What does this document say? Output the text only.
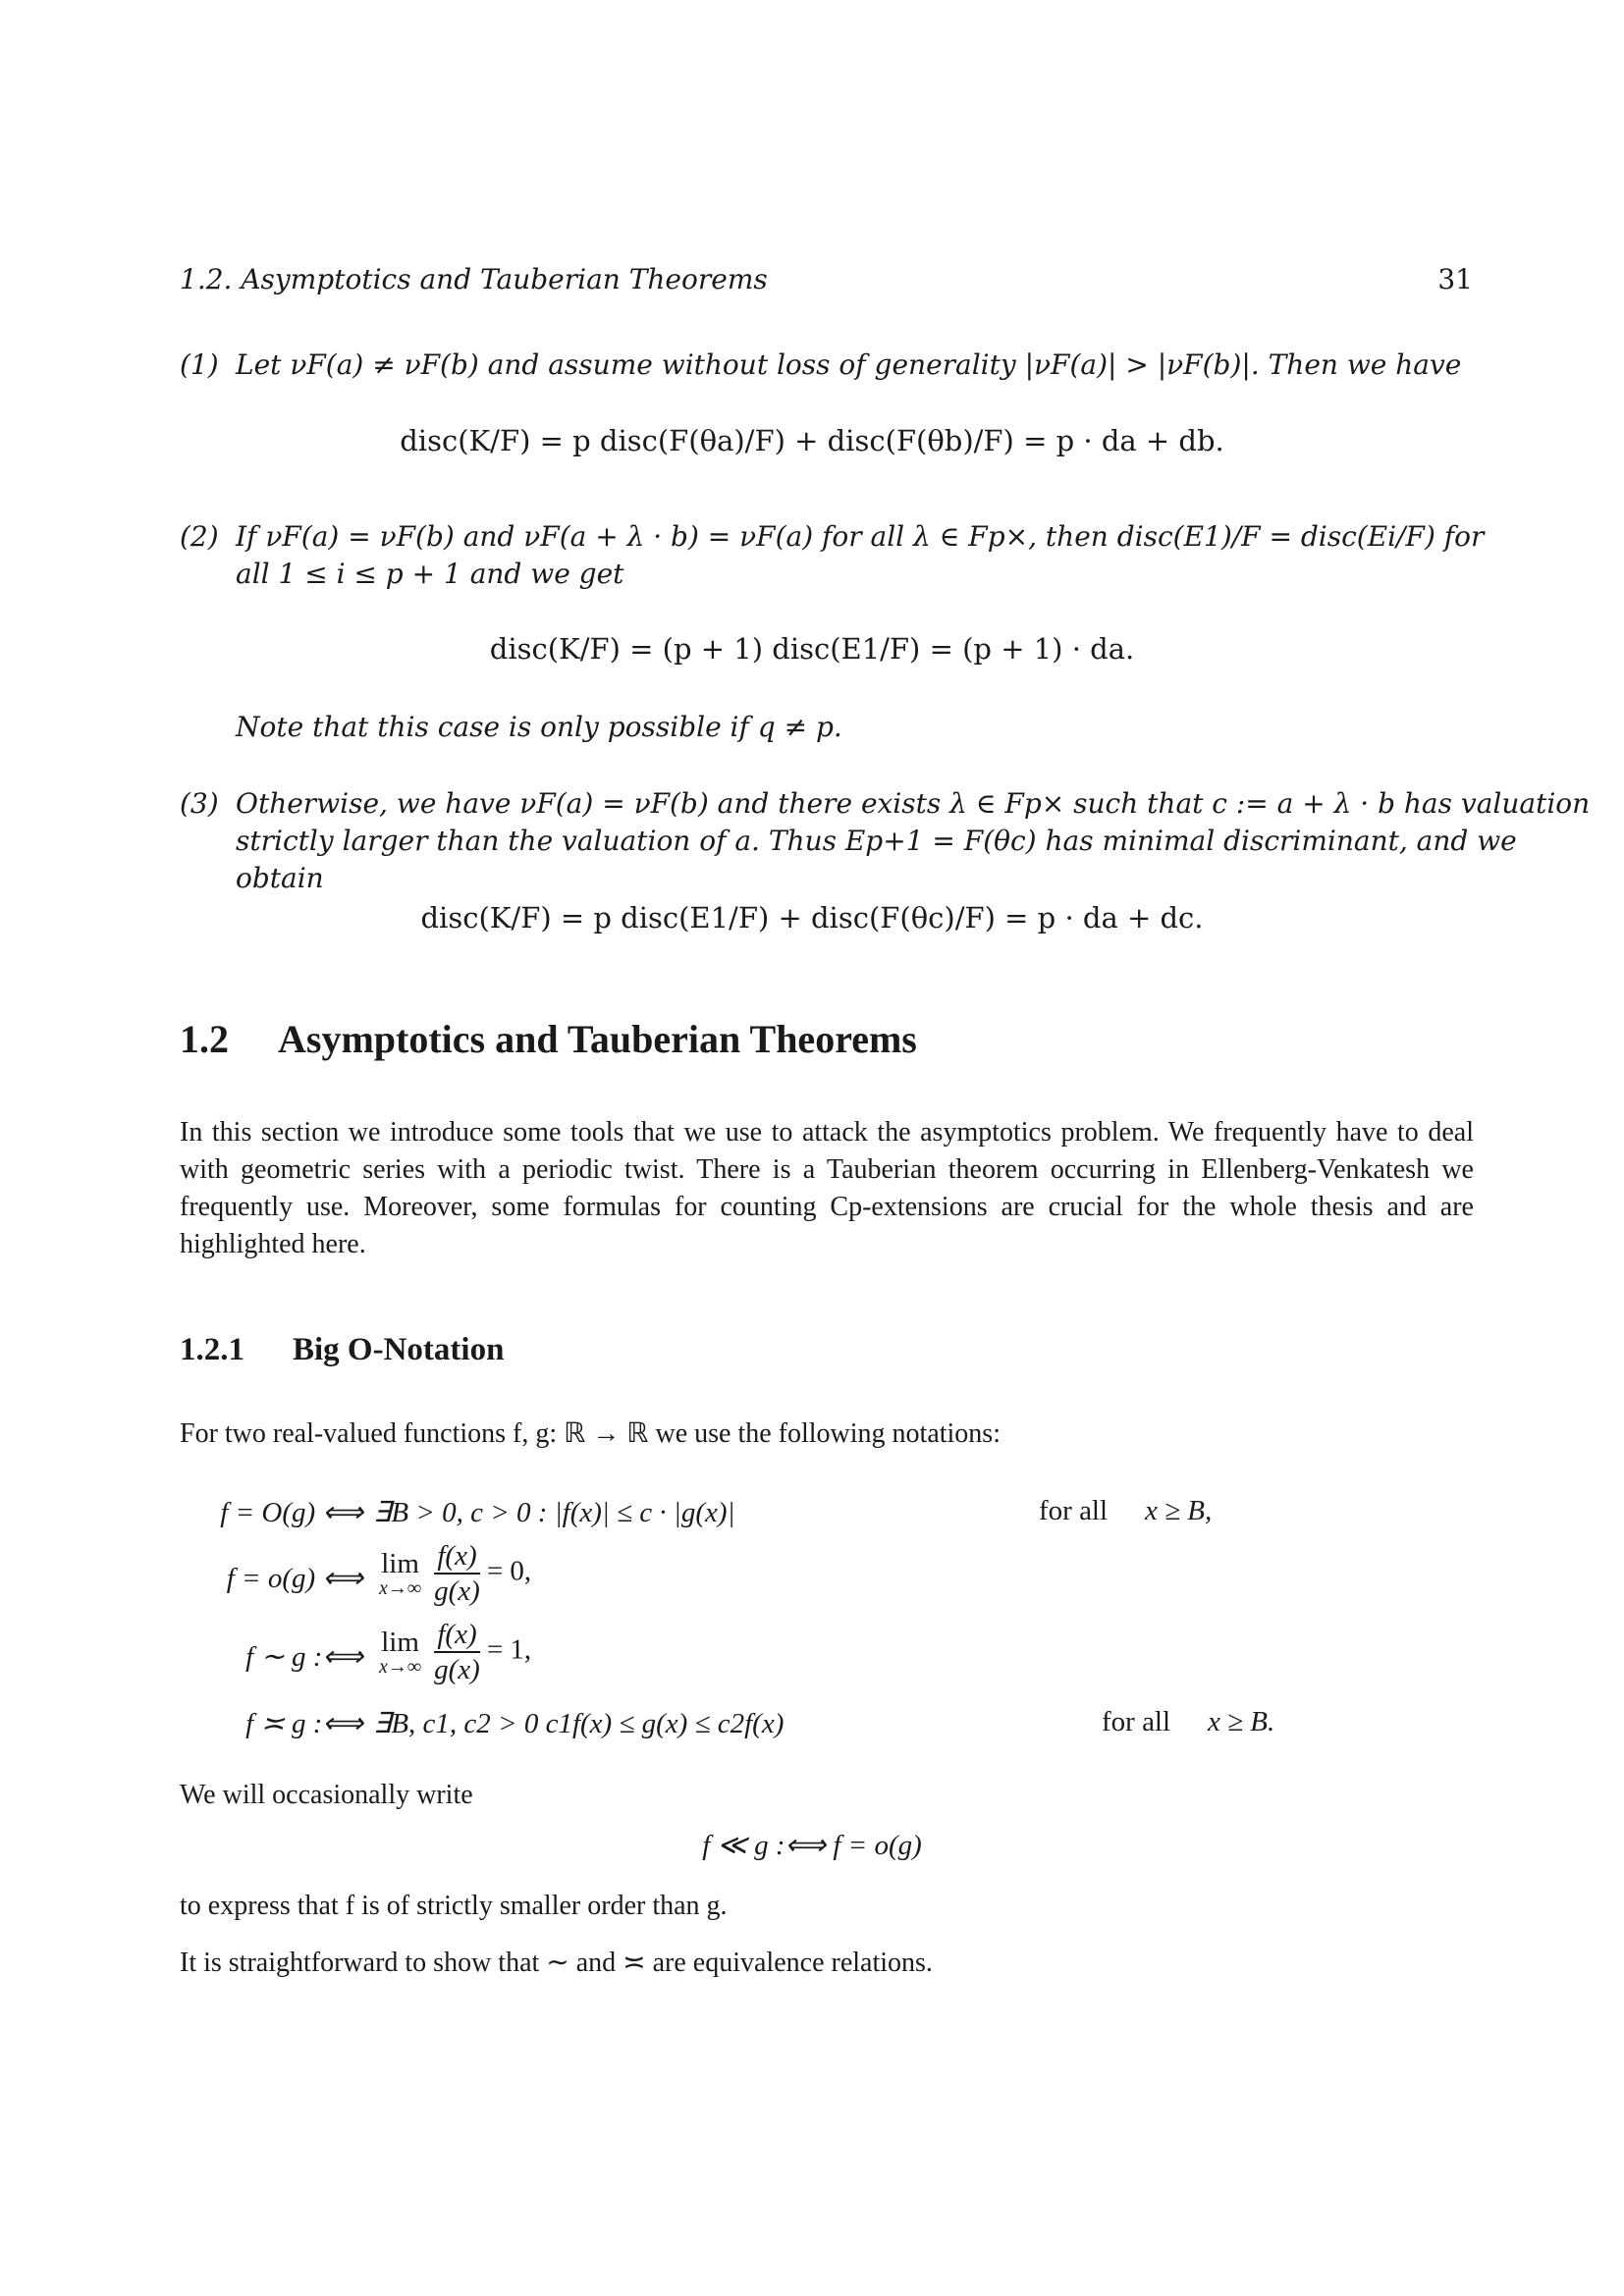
1.2. Asymptotics and Tauberian Theorems	31
(1) Let νF(a) ≠ νF(b) and assume without loss of generality |νF(a)| > |νF(b)|. Then we have
disc(K/F) = p disc(F(θa)/F) + disc(F(θb)/F) = p · da + db.
(2) If νF(a) = νF(b) and νF(a + λ · b) = νF(a) for all λ ∈ Fp×, then disc(E1)/F = disc(Ei/F) for
all 1 ≤ i ≤ p + 1 and we get
disc(K/F) = (p + 1) disc(E1/F) = (p + 1) · da.
Note that this case is only possible if q ≠ p.
(3) Otherwise, we have νF(a) = νF(b) and there exists λ ∈ Fp× such that c := a + λ · b has valuation
strictly larger than the valuation of a. Thus Ep+1 = F(θc) has minimal discriminant, and we
obtain
disc(K/F) = p disc(E1/F) + disc(F(θc)/F) = p · da + dc.
1.2 Asymptotics and Tauberian Theorems
In this section we introduce some tools that we use to attack the asymptotics problem. We frequently have to deal with geometric series with a periodic twist. There is a Tauberian theorem occurring in Ellenberg-Venkatesh we frequently use. Moreover, some formulas for counting Cp-extensions are crucial for the whole thesis and are highlighted here.
1.2.1 Big O-Notation
For two real-valued functions f, g: ℝ → ℝ we use the following notations:
f = O(g) ⟺ ∃B > 0, c > 0 : |f(x)| ≤ c · |g(x)|	for all x ≥ B,
f = o(g) ⟺ lim
$x\to\infty \frac{f(x)}{g(x)} = 0$,
f ∼ g :⟺ lim
$x\to\infty \frac{f(x)}{g(x)} = 1$,
f ≍ g :⟺ ∃B, c1, c2 > 0 c1f(x) ≤ g(x) ≤ c2f(x)	for all x ≥ B.
We will occasionally write
f ≪ g :⟺ f = o(g)
to express that f is of strictly smaller order than g.
It is straightforward to show that ∼ and ≍ are equivalence relations.
